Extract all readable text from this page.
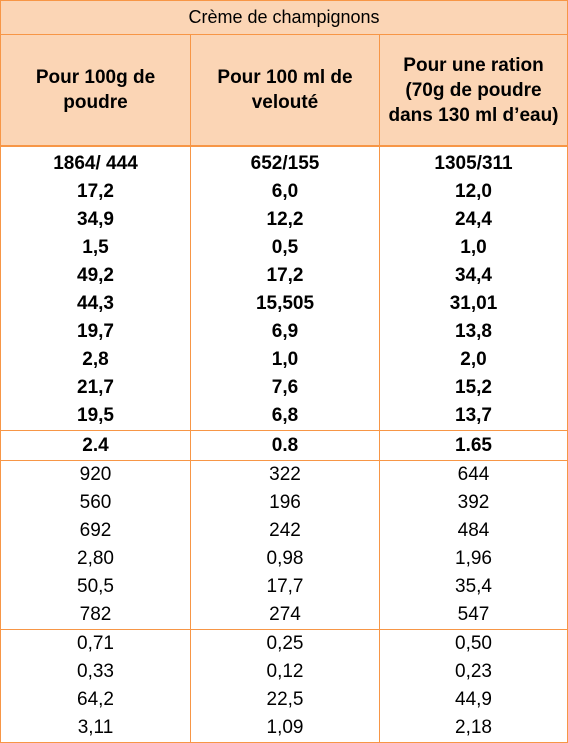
Crème de champignons		
Pour 100g de poudre	Pour 100 ml de velouté	Pour une ration (70g de poudre dans 130 ml d’eau)
1864/ 444	652/155	1305/311
17,2	6,0	12,0
34,9	12,2	24,4
1,5	0,5	1,0
49,2	17,2	34,4
44,3	15,505	31,01
19,7	6,9	13,8
2,8	1,0	2,0
21,7	7,6	15,2
19,5	6,8	13,7
2.4	0.8	1.65
920	322	644
560	196	392
692	242	484
2,80	0,98	1,96
50,5	17,7	35,4
782	274	547
0,71	0,25	0,50
0,33	0,12	0,23
64,2	22,5	44,9
3,11	1,09	2,18
